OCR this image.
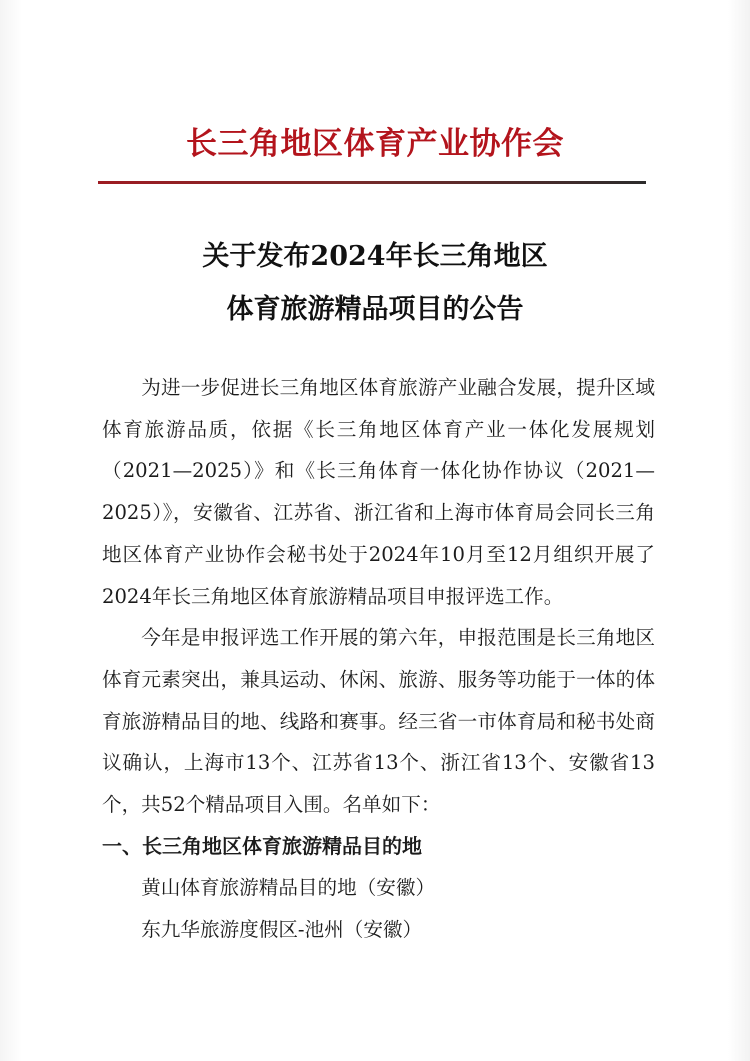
长三角地区体育产业协作会
关于发布2024年长三角地区
体育旅游精品项目的公告

为进一步促进长三角地区体育旅游产业融合发展，提升区域体育旅游品质，依据《长三角地区体育产业一体化发展规划（2021—2025）》和《长三角体育一体化协作协议（2021—2025）》，安徽省、江苏省、浙江省和上海市体育局会同长三角地区体育产业协作会秘书处于2024年10月至12月组织开展了2024年长三角地区体育旅游精品项目申报评选工作。

今年是申报评选工作开展的第六年，申报范围是长三角地区体育元素突出，兼具运动、休闲、旅游、服务等功能于一体的体育旅游精品目的地、线路和赛事。经三省一市体育局和秘书处商议确认，上海市13个、江苏省13个、浙江省13个、安徽省13个，共52个精品项目入围。名单如下：

一、长三角地区体育旅游精品目的地

黄山体育旅游精品目的地（安徽）

东九华旅游度假区-池州（安徽）
